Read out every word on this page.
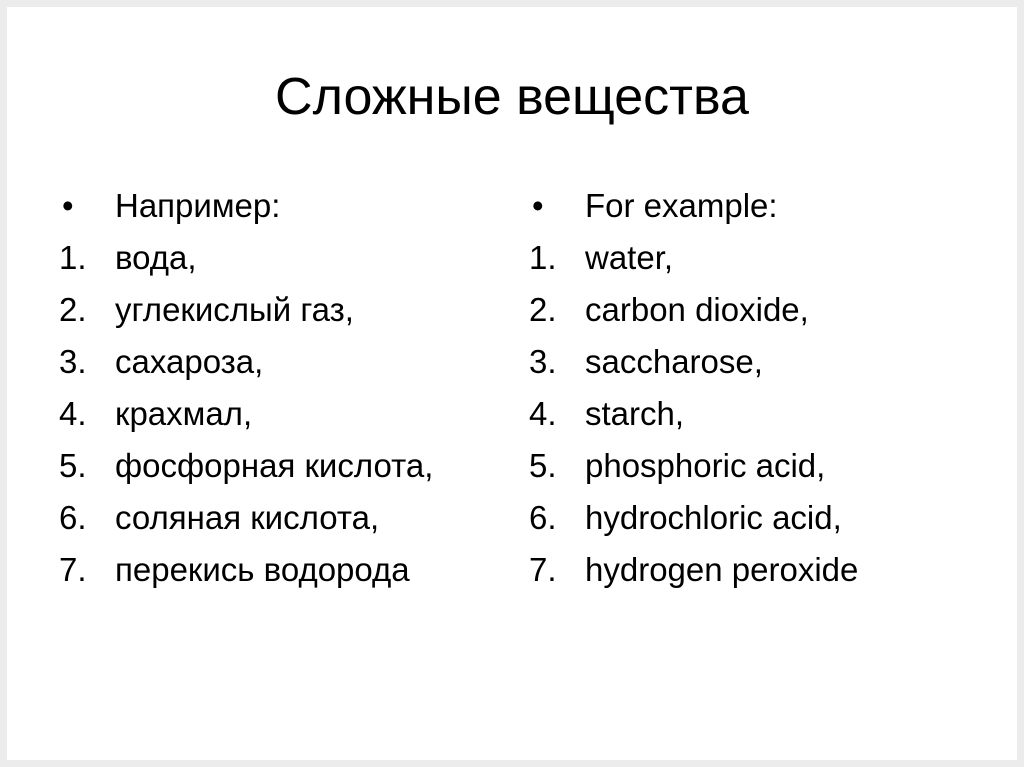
Сложные вещества
•	Например:
1. вода,
2. углекислый газ,
3. сахароза,
4. крахмал,
5. фосфорная кислота,
6. соляная кислота,
7. перекись водорода
•	For example:
1. water,
2. carbon dioxide,
3. saccharose,
4. starch,
5. phosphoric acid,
6. hydrochloric acid,
7. hydrogen peroxide
